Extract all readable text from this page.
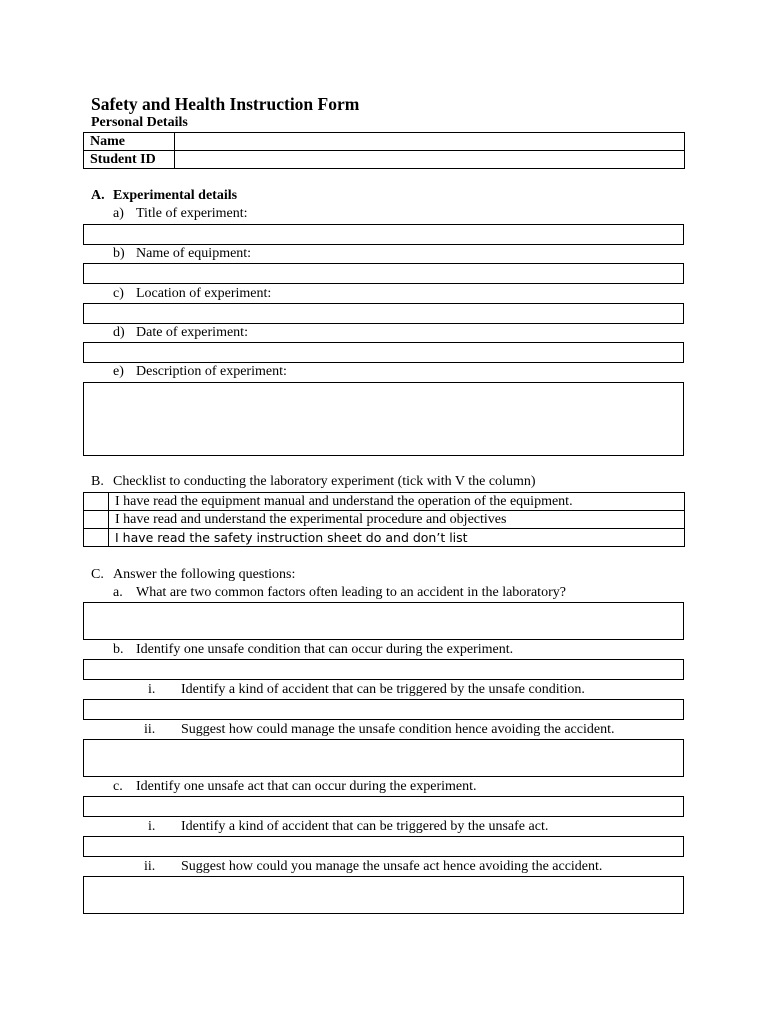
Safety and Health Instruction Form
Personal Details
Name	
Student ID	
A. Experimental details
a) Title of experiment:
b) Name of equipment:
c) Location of experiment:
d) Date of experiment:
e) Description of experiment:
B. Checklist to conducting the laboratory experiment (tick with V the column)
	I have read the equipment manual and understand the operation of the equipment.
	I have read and understand the experimental procedure and objectives
	I have read the safety instruction sheet do and don’t list
C. Answer the following questions:
a. What are two common factors often leading to an accident in the laboratory?
b. Identify one unsafe condition that can occur during the experiment.
i. Identify a kind of accident that can be triggered by the unsafe condition.
ii. Suggest how could manage the unsafe condition hence avoiding the accident.
c. Identify one unsafe act that can occur during the experiment.
i. Identify a kind of accident that can be triggered by the unsafe act.
ii. Suggest how could you manage the unsafe act hence avoiding the accident.
